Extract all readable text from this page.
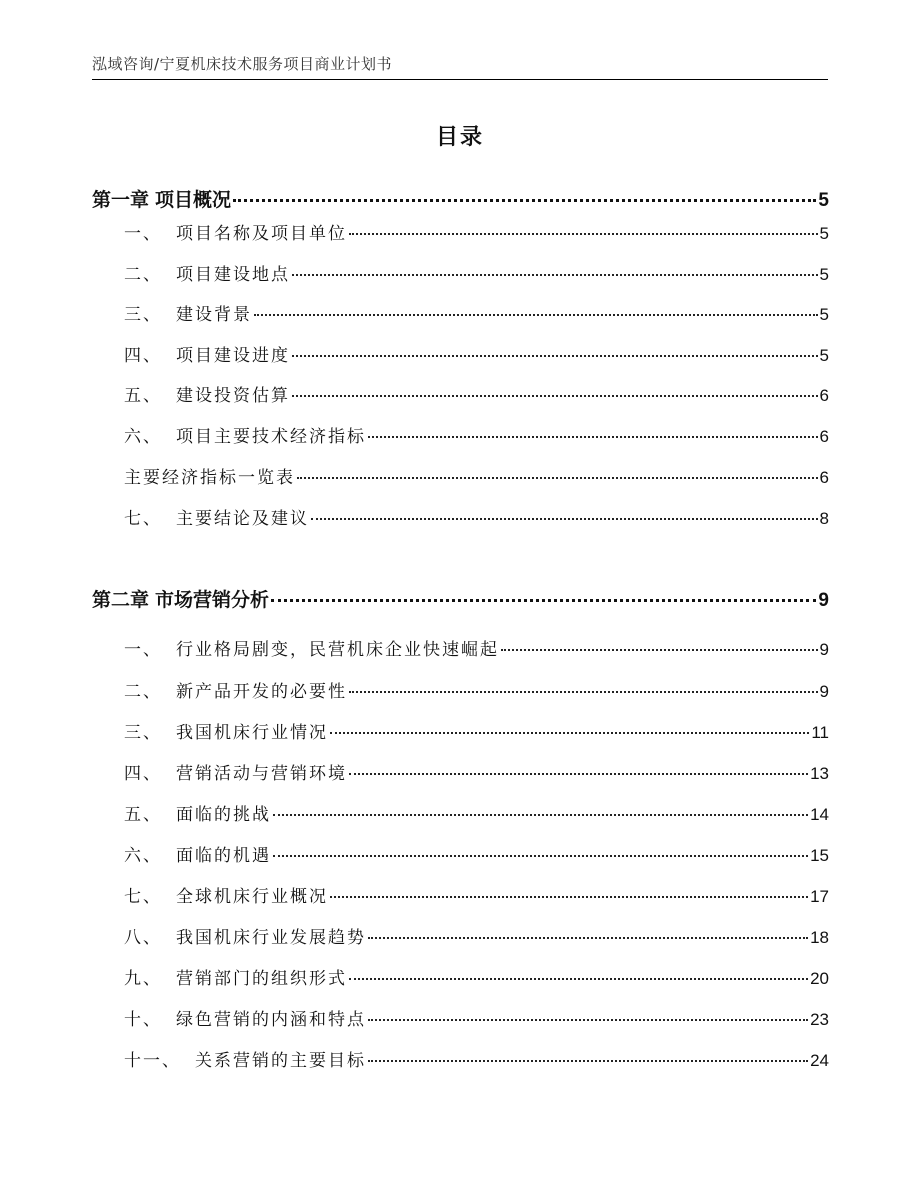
泓域咨询/宁夏机床技术服务项目商业计划书
目录
第一章 项目概况	5
一、 项目名称及项目单位	5
二、 项目建设地点	5
三、 建设背景	5
四、 项目建设进度	5
五、 建设投资估算	6
六、 项目主要技术经济指标	6
主要经济指标一览表	6
七、 主要结论及建议	8
第二章 市场营销分析	9
一、 行业格局剧变，民营机床企业快速崛起	9
二、 新产品开发的必要性	9
三、 我国机床行业情况	11
四、 营销活动与营销环境	13
五、 面临的挑战	14
六、 面临的机遇	15
七、 全球机床行业概况	17
八、 我国机床行业发展趋势	18
九、 营销部门的组织形式	20
十、 绿色营销的内涵和特点	23
十一、 关系营销的主要目标	24
